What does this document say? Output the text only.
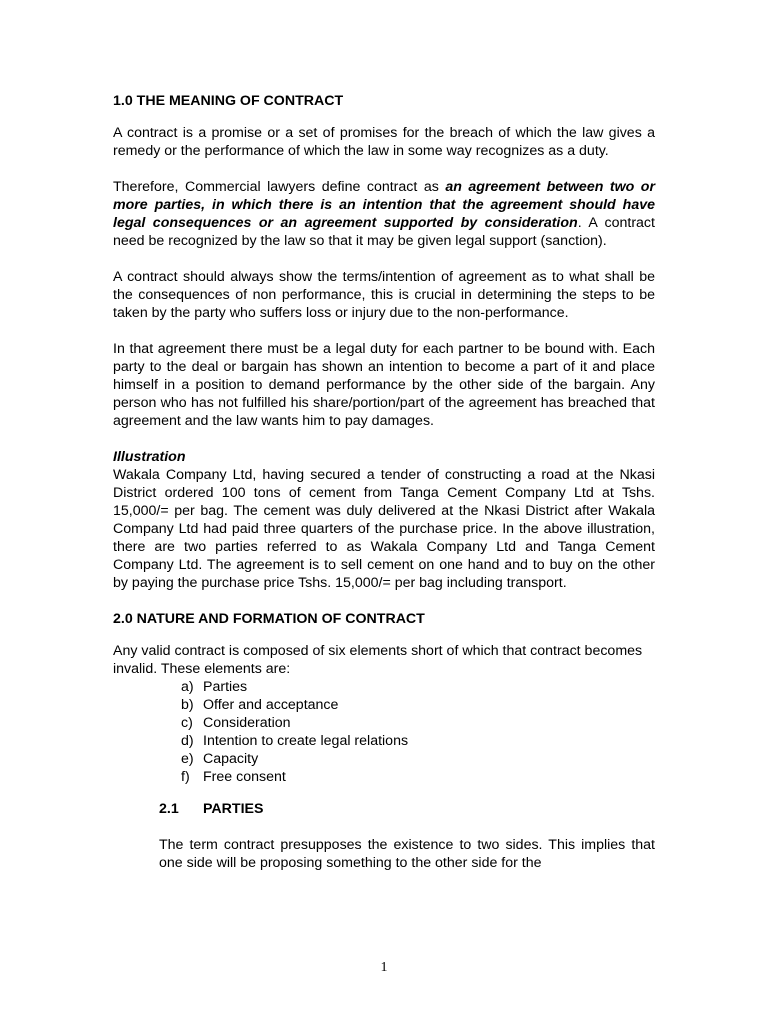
1.0 THE MEANING OF CONTRACT

A contract is a promise or a set of promises for the breach of which the law gives a remedy or the performance of which the law in some way recognizes as a duty.

Therefore, Commercial lawyers define contract as an agreement between two or more parties, in which there is an intention that the agreement should have legal consequences or an agreement supported by consideration. A contract need be recognized by the law so that it may be given legal support (sanction).

A contract should always show the terms/intention of agreement as to what shall be the consequences of non performance, this is crucial in determining the steps to be taken by the party who suffers loss or injury due to the non-performance.

In that agreement there must be a legal duty for each partner to be bound with. Each party to the deal or bargain has shown an intention to become a part of it and place himself in a position to demand performance by the other side of the bargain. Any person who has not fulfilled his share/portion/part of the agreement has breached that agreement and the law wants him to pay damages.

Illustration

Wakala Company Ltd, having secured a tender of constructing a road at the Nkasi District ordered 100 tons of cement from Tanga Cement Company Ltd at Tshs. 15,000/= per bag. The cement was duly delivered at the Nkasi District after Wakala Company Ltd had paid three quarters of the purchase price. In the above illustration, there are two parties referred to as Wakala Company Ltd and Tanga Cement Company Ltd. The agreement is to sell cement on one hand and to buy on the other by paying the purchase price Tshs. 15,000/= per bag including transport.

2.0 NATURE AND FORMATION OF CONTRACT

Any valid contract is composed of six elements short of which that contract becomes invalid. These elements are:

a) Parties
b) Offer and acceptance
c) Consideration
d) Intention to create legal relations
e) Capacity
f) Free consent
2.1	PARTIES

The term contract presupposes the existence to two sides. This implies that one side will be proposing something to the other side for the

1
